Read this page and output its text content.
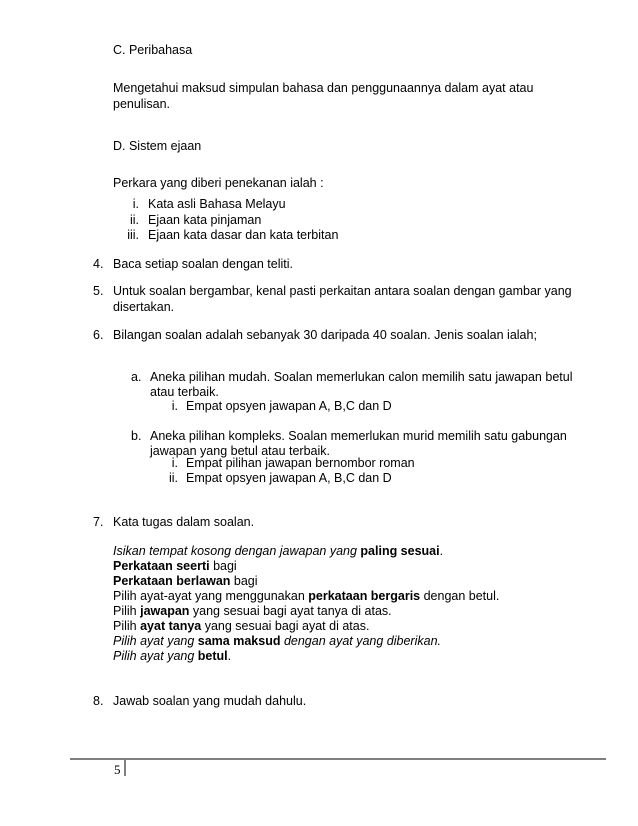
C. Peribahasa
Mengetahui maksud simpulan bahasa dan penggunaannya dalam ayat atau
penulisan.
D. Sistem ejaan
Perkara yang diberi penekanan ialah :
i. Kata asli Bahasa Melayu
ii. Ejaan kata pinjaman
iii. Ejaan kata dasar dan kata terbitan
4. Baca setiap soalan dengan teliti.
5. Untuk soalan bergambar, kenal pasti perkaitan antara soalan dengan gambar yang
disertakan.
6. Bilangan soalan adalah sebanyak 30 daripada 40 soalan. Jenis soalan ialah;
a. Aneka pilihan mudah. Soalan memerlukan calon memilih satu jawapan betul
atau terbaik.
i. Empat opsyen jawapan A, B,C dan D
b. Aneka pilihan kompleks. Soalan memerlukan murid memilih satu gabungan
jawapan yang betul atau terbaik.
i. Empat pilihan jawapan bernombor roman
ii. Empat opsyen jawapan A, B,C dan D
7. Kata tugas dalam soalan.
Isikan tempat kosong dengan jawapan yang paling sesuai.
Perkataan seerti bagi
Perkataan berlawan bagi
Pilih ayat-ayat yang menggunakan perkataan bergaris dengan betul.
Pilih jawapan yang sesuai bagi ayat tanya di atas.
Pilih ayat tanya yang sesuai bagi ayat di atas.
Pilih ayat yang sama maksud dengan ayat yang diberikan.
Pilih ayat yang betul.
8. Jawab soalan yang mudah dahulu.
5
